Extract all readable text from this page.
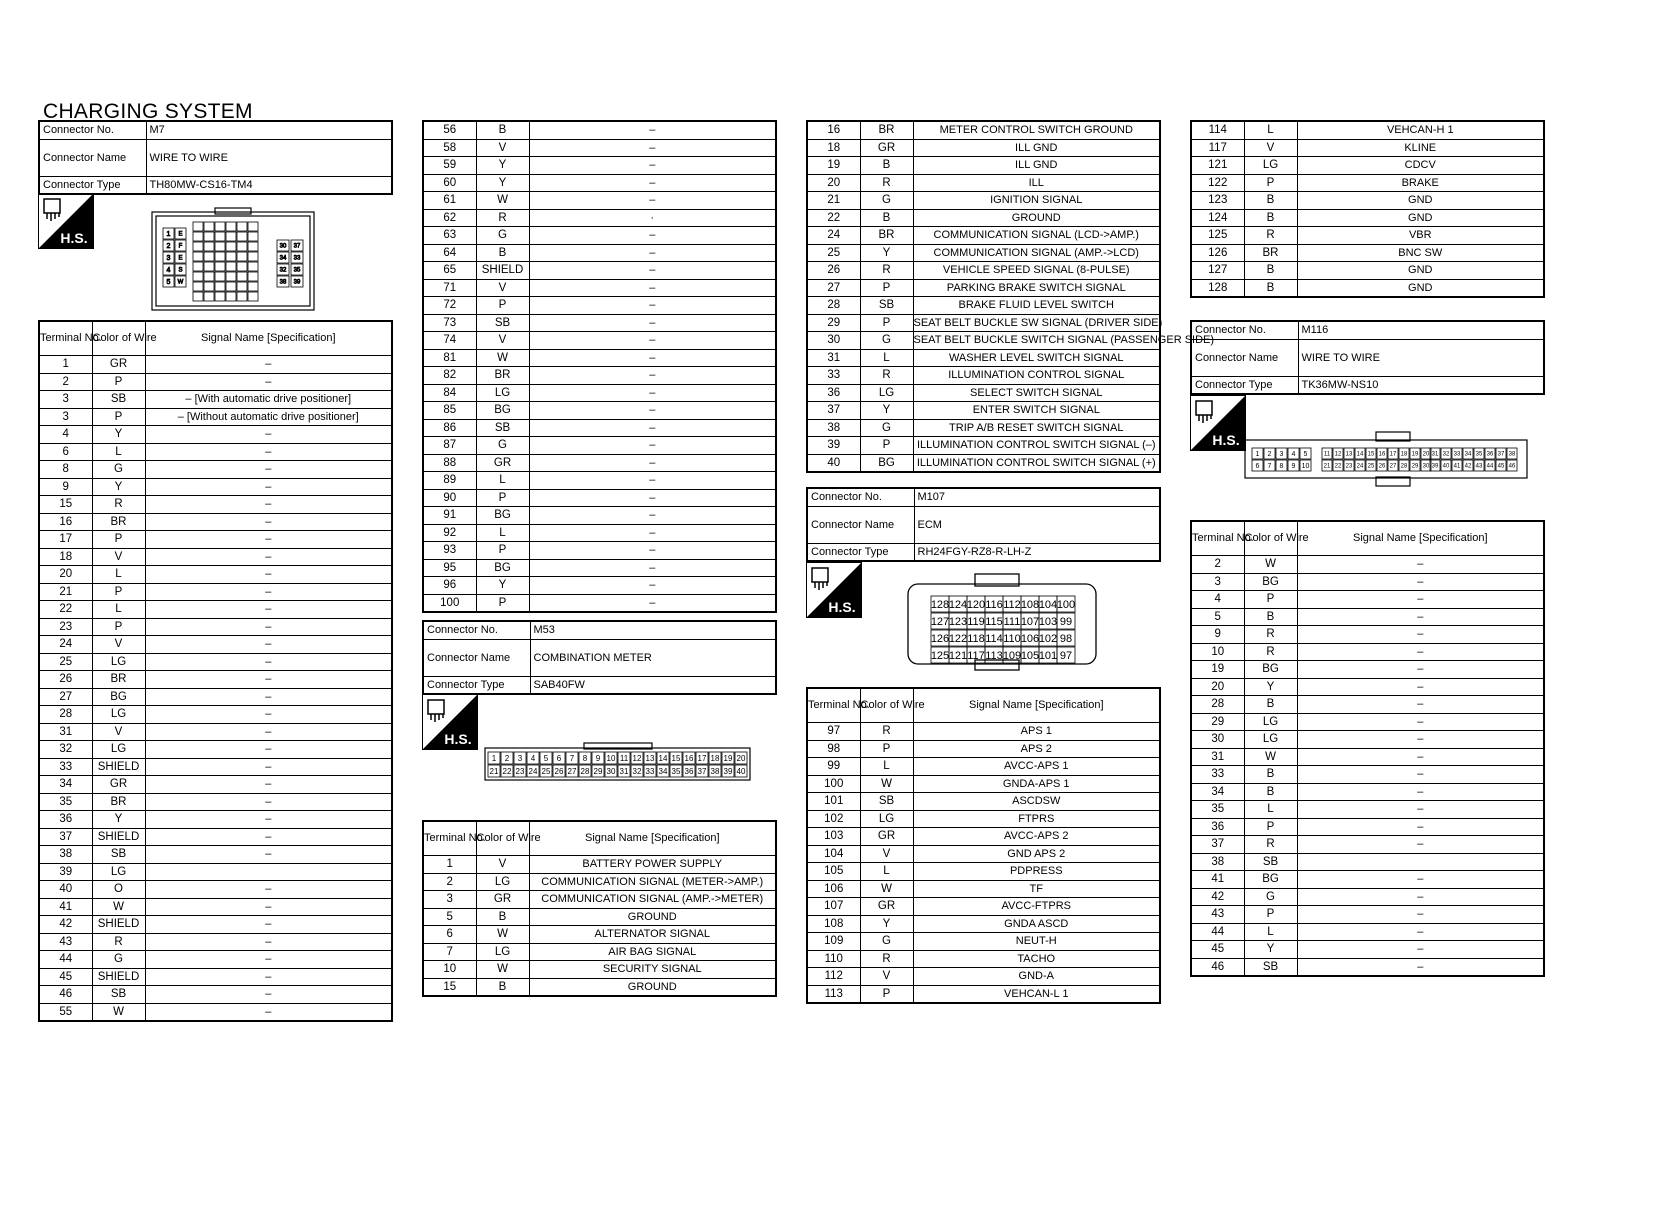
CHARGING SYSTEM
Connector No.	M7
Connector Name	WIRE TO WIRE
Connector Type	TH80MW-CS16-TM4
H.S.	1 E
2 F
3 E
4 S
5 W
30 37
34 33
32 35
38 39
Terminal No.	Color of Wire	Signal Name [Specification]
1	GR	–
2	P	–
3	SB	– [With automatic drive positioner]
3	P	– [Without automatic drive positioner]
4	Y	–
6	L	–
8	G	–
9	Y	–
15	R	–
16	BR	–
17	P	–
18	V	–
20	L	–
21	P	–
22	L	–
23	P	–
24	V	–
25	LG	–
26	BR	–
27	BG	–
28	LG	–
31	V	–
32	LG	–
33	SHIELD	–
34	GR	–
35	BR	–
36	Y	–
37	SHIELD	–
38	SB	–
39	LG	
40	O	–
41	W	–
42	SHIELD	–
43	R	–
44	G	–
45	SHIELD	–
46	SB	–
55	W	–
56	B	–
58	V	–
59	Y	–
60	Y	–
61	W	–
62	R	·
63	G	–
64	B	–
65	SHIELD	–
71	V	–
72	P	–
73	SB	–
74	V	–
81	W	–
82	BR	–
84	LG	–
85	BG	–
86	SB	–
87	G	–
88	GR	–
89	L	–
90	P	–
91	BG	–
92	L	–
93	P	–
95	BG	–
96	Y	–
100	P	–
Connector No.	M53
Connector Name	COMBINATION METER
Connector Type	SAB40FW
H.S.
1 2 3 4 5 6 7 8 9 10 11 12 13 14 15 16 17 18 19 20
21 22 23 24 25 26 27 28 29 30 31 32 33 34 35 36 37 38 39 40
Terminal No.	Color of Wire	Signal Name [Specification]
1	V	BATTERY POWER SUPPLY
2	LG	COMMUNICATION SIGNAL (METER->AMP.)
3	GR	COMMUNICATION SIGNAL (AMP.->METER)
5	B	GROUND
6	W	ALTERNATOR SIGNAL
7	LG	AIR BAG SIGNAL
10	W	SECURITY SIGNAL
15	B	GROUND
16	BR	METER CONTROL SWITCH GROUND
18	GR	ILL GND
19	B	ILL GND
20	R	ILL
21	G	IGNITION SIGNAL
22	B	GROUND
24	BR	COMMUNICATION SIGNAL (LCD->AMP.)
25	Y	COMMUNICATION SIGNAL (AMP.->LCD)
26	R	VEHICLE SPEED SIGNAL (8-PULSE)
27	P	PARKING BRAKE SWITCH SIGNAL
28	SB	BRAKE FLUID LEVEL SWITCH
29	P	SEAT BELT BUCKLE SW SIGNAL (DRIVER SIDE)
30	G	SEAT BELT BUCKLE SWITCH SIGNAL (PASSENGER SIDE)
31	L	WASHER LEVEL SWITCH SIGNAL
33	R	ILLUMINATION CONTROL SIGNAL
36	LG	SELECT SWITCH SIGNAL
37	Y	ENTER SWITCH SIGNAL
38	G	TRIP A/B RESET SWITCH SIGNAL
39	P	ILLUMINATION CONTROL SWITCH SIGNAL (–)
40	BG	ILLUMINATION CONTROL SWITCH SIGNAL (+)
Connector No.	M107
Connector Name	ECM
Connector Type	RH24FGY-RZ8-R-LH-Z
H.S.	128 124 120 116 112 108 104 100
127 123 119 115 111 107 103 99
126 122 118 114 110 106 102 98
125 121 117 113 109 105 101 97
Terminal No.	Color of Wire	Signal Name [Specification]
97	R	APS 1
98	P	APS 2
99	L	AVCC-APS 1
100	W	GNDA-APS 1
101	SB	ASCDSW
102	LG	FTPRS
103	GR	AVCC-APS 2
104	V	GND APS 2
105	L	PDPRESS
106	W	TF
107	GR	AVCC-FTPRS
108	Y	GNDA ASCD
109	G	NEUT-H
110	R	TACHO
112	V	GND-A
113	P	VEHCAN-L 1
114	L	VEHCAN-H 1
117	V	KLINE
121	LG	CDCV
122	P	BRAKE
123	B	GND
124	B	GND
125	R	VBR
126	BR	BNC SW
127	B	GND
128	B	GND
Connector No.	M116
Connector Name	WIRE TO WIRE
Connector Type	TK36MW-NS10
H.S.
1 2 3 4 5
6 7 8 9 10
11 12 13 14 15 16 17 18 19 20
21 22 23 24 25 26 27 28 29 30
31 32 33 34 35 36 37 38
39 40 41 42 43 44 45 46
Terminal No.	Color of Wire	Signal Name [Specification]
2	W	–
3	BG	–
4	P	–
5	B	–
9	R	–
10	R	–
19	BG	–
20	Y	–
28	B	–
29	LG	–
30	LG	–
31	W	–
33	B	–
34	B	–
35	L	–
36	P	–
37	R	–
38	SB	
41	BG	–
42	G	–
43	P	–
44	L	–
45	Y	–
46	SB	–
